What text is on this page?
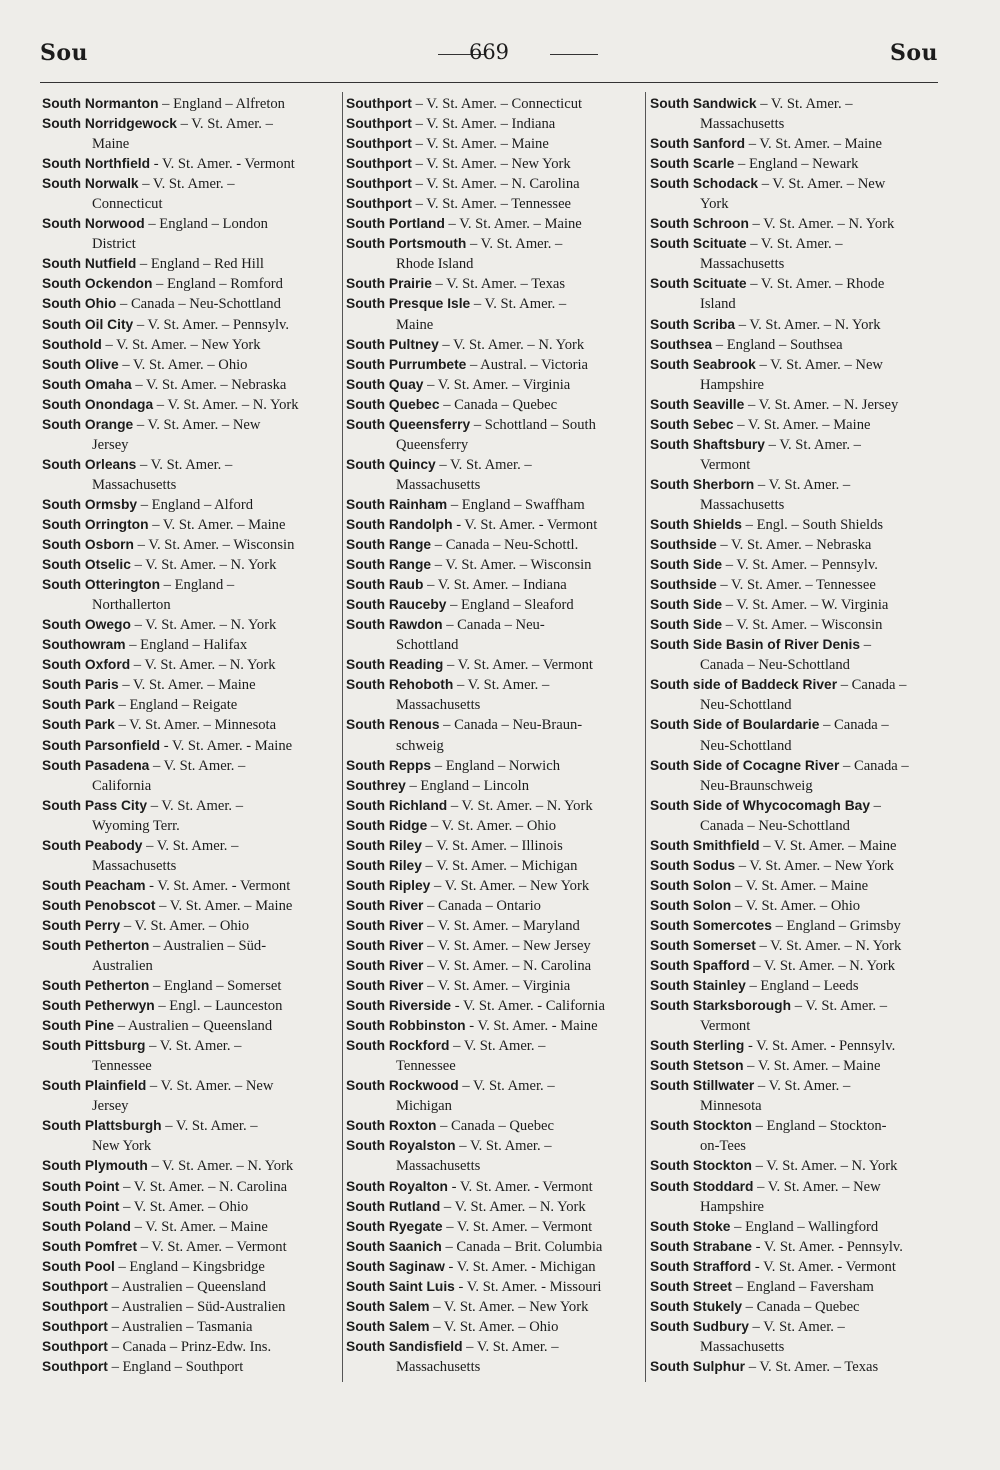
Sou	669	Sou
South Normanton – England – Alfreton
South Norridgewock – V. St. Amer. –
Maine
South Northfield - V. St. Amer. - Vermont
South Norwalk – V. St. Amer. –
Connecticut
South Norwood – England – London
District
South Nutfield – England – Red Hill
South Ockendon – England – Romford
South Ohio – Canada – Neu-Schottland
South Oil City – V. St. Amer. – Pennsylv.
Southold – V. St. Amer. – New York
South Olive – V. St. Amer. – Ohio
South Omaha – V. St. Amer. – Nebraska
South Onondaga – V. St. Amer. – N. York
South Orange – V. St. Amer. – New
Jersey
South Orleans – V. St. Amer. –
Massachusetts
South Ormsby – England – Alford
South Orrington – V. St. Amer. – Maine
South Osborn – V. St. Amer. – Wisconsin
South Otselic – V. St. Amer. – N. York
South Otterington – England –
Northallerton
South Owego – V. St. Amer. – N. York
Southowram – England – Halifax
South Oxford – V. St. Amer. – N. York
South Paris – V. St. Amer. – Maine
South Park – England – Reigate
South Park – V. St. Amer. – Minnesota
South Parsonfield - V. St. Amer. - Maine
South Pasadena – V. St. Amer. –
California
South Pass City – V. St. Amer. –
Wyoming Terr.
South Peabody – V. St. Amer. –
Massachusetts
South Peacham - V. St. Amer. - Vermont
South Penobscot – V. St. Amer. – Maine
South Perry – V. St. Amer. – Ohio
South Petherton – Australien – Süd-
Australien
South Petherton – England – Somerset
South Petherwyn – Engl. – Launceston
South Pine – Australien – Queensland
South Pittsburg – V. St. Amer. –
Tennessee
South Plainfield – V. St. Amer. – New
Jersey
South Plattsburgh – V. St. Amer. –
New York
South Plymouth – V. St. Amer. – N. York
South Point – V. St. Amer. – N. Carolina
South Point – V. St. Amer. – Ohio
South Poland – V. St. Amer. – Maine
South Pomfret – V. St. Amer. – Vermont
South Pool – England – Kingsbridge
Southport – Australien – Queensland
Southport – Australien – Süd-Australien
Southport – Australien – Tasmania
Southport – Canada – Prinz-Edw. Ins.
Southport – England – Southport
Southport – V. St. Amer. – Connecticut
Southport – V. St. Amer. – Indiana
Southport – V. St. Amer. – Maine
Southport – V. St. Amer. – New York
Southport – V. St. Amer. – N. Carolina
Southport – V. St. Amer. – Tennessee
South Portland – V. St. Amer. – Maine
South Portsmouth – V. St. Amer. –
Rhode Island
South Prairie – V. St. Amer. – Texas
South Presque Isle – V. St. Amer. –
Maine
South Pultney – V. St. Amer. – N. York
South Purrumbete – Austral. – Victoria
South Quay – V. St. Amer. – Virginia
South Quebec – Canada – Quebec
South Queensferry – Schottland – South
Queensferry
South Quincy – V. St. Amer. –
Massachusetts
South Rainham – England – Swaffham
South Randolph - V. St. Amer. - Vermont
South Range – Canada – Neu-Schottl.
South Range – V. St. Amer. – Wisconsin
South Raub – V. St. Amer. – Indiana
South Rauceby – England – Sleaford
South Rawdon – Canada – Neu-
Schottland
South Reading – V. St. Amer. – Vermont
South Rehoboth – V. St. Amer. –
Massachusetts
South Renous – Canada – Neu-Braun-
schweig
South Repps – England – Norwich
Southrey – England – Lincoln
South Richland – V. St. Amer. – N. York
South Ridge – V. St. Amer. – Ohio
South Riley – V. St. Amer. – Illinois
South Riley – V. St. Amer. – Michigan
South Ripley – V. St. Amer. – New York
South River – Canada – Ontario
South River – V. St. Amer. – Maryland
South River – V. St. Amer. – New Jersey
South River – V. St. Amer. – N. Carolina
South River – V. St. Amer. – Virginia
South Riverside - V. St. Amer. - California
South Robbinston - V. St. Amer. - Maine
South Rockford – V. St. Amer. –
Tennessee
South Rockwood – V. St. Amer. –
Michigan
South Roxton – Canada – Quebec
South Royalston – V. St. Amer. –
Massachusetts
South Royalton - V. St. Amer. - Vermont
South Rutland – V. St. Amer. – N. York
South Ryegate – V. St. Amer. – Vermont
South Saanich – Canada – Brit. Columbia
South Saginaw - V. St. Amer. - Michigan
South Saint Luis - V. St. Amer. - Missouri
South Salem – V. St. Amer. – New York
South Salem – V. St. Amer. – Ohio
South Sandisfield – V. St. Amer. –
Massachusetts
South Sandwick – V. St. Amer. –
Massachusetts
South Sanford – V. St. Amer. – Maine
South Scarle – England – Newark
South Schodack – V. St. Amer. – New
York
South Schroon – V. St. Amer. – N. York
South Scituate – V. St. Amer. –
Massachusetts
South Scituate – V. St. Amer. – Rhode
Island
South Scriba – V. St. Amer. – N. York
Southsea – England – Southsea
South Seabrook – V. St. Amer. – New
Hampshire
South Seaville – V. St. Amer. – N. Jersey
South Sebec – V. St. Amer. – Maine
South Shaftsbury – V. St. Amer. –
Vermont
South Sherborn – V. St. Amer. –
Massachusetts
South Shields – Engl. – South Shields
Southside – V. St. Amer. – Nebraska
South Side – V. St. Amer. – Pennsylv.
Southside – V. St. Amer. – Tennessee
South Side – V. St. Amer. – W. Virginia
South Side – V. St. Amer. – Wisconsin
South Side Basin of River Denis –
Canada – Neu-Schottland
South side of Baddeck River – Canada –
Neu-Schottland
South Side of Boulardarie – Canada –
Neu-Schottland
South Side of Cocagne River – Canada –
Neu-Braunschweig
South Side of Whycocomagh Bay –
Canada – Neu-Schottland
South Smithfield – V. St. Amer. – Maine
South Sodus – V. St. Amer. – New York
South Solon – V. St. Amer. – Maine
South Solon – V. St. Amer. – Ohio
South Somercotes – England – Grimsby
South Somerset – V. St. Amer. – N. York
South Spafford – V. St. Amer. – N. York
South Stainley – England – Leeds
South Starksborough – V. St. Amer. –
Vermont
South Sterling - V. St. Amer. - Pennsylv.
South Stetson – V. St. Amer. – Maine
South Stillwater – V. St. Amer. –
Minnesota
South Stockton – England – Stockton-
on-Tees
South Stockton – V. St. Amer. – N. York
South Stoddard – V. St. Amer. – New
Hampshire
South Stoke – England – Wallingford
South Strabane - V. St. Amer. - Pennsylv.
South Strafford - V. St. Amer. - Vermont
South Street – England – Faversham
South Stukely – Canada – Quebec
South Sudbury – V. St. Amer. –
Massachusetts
South Sulphur – V. St. Amer. – Texas
